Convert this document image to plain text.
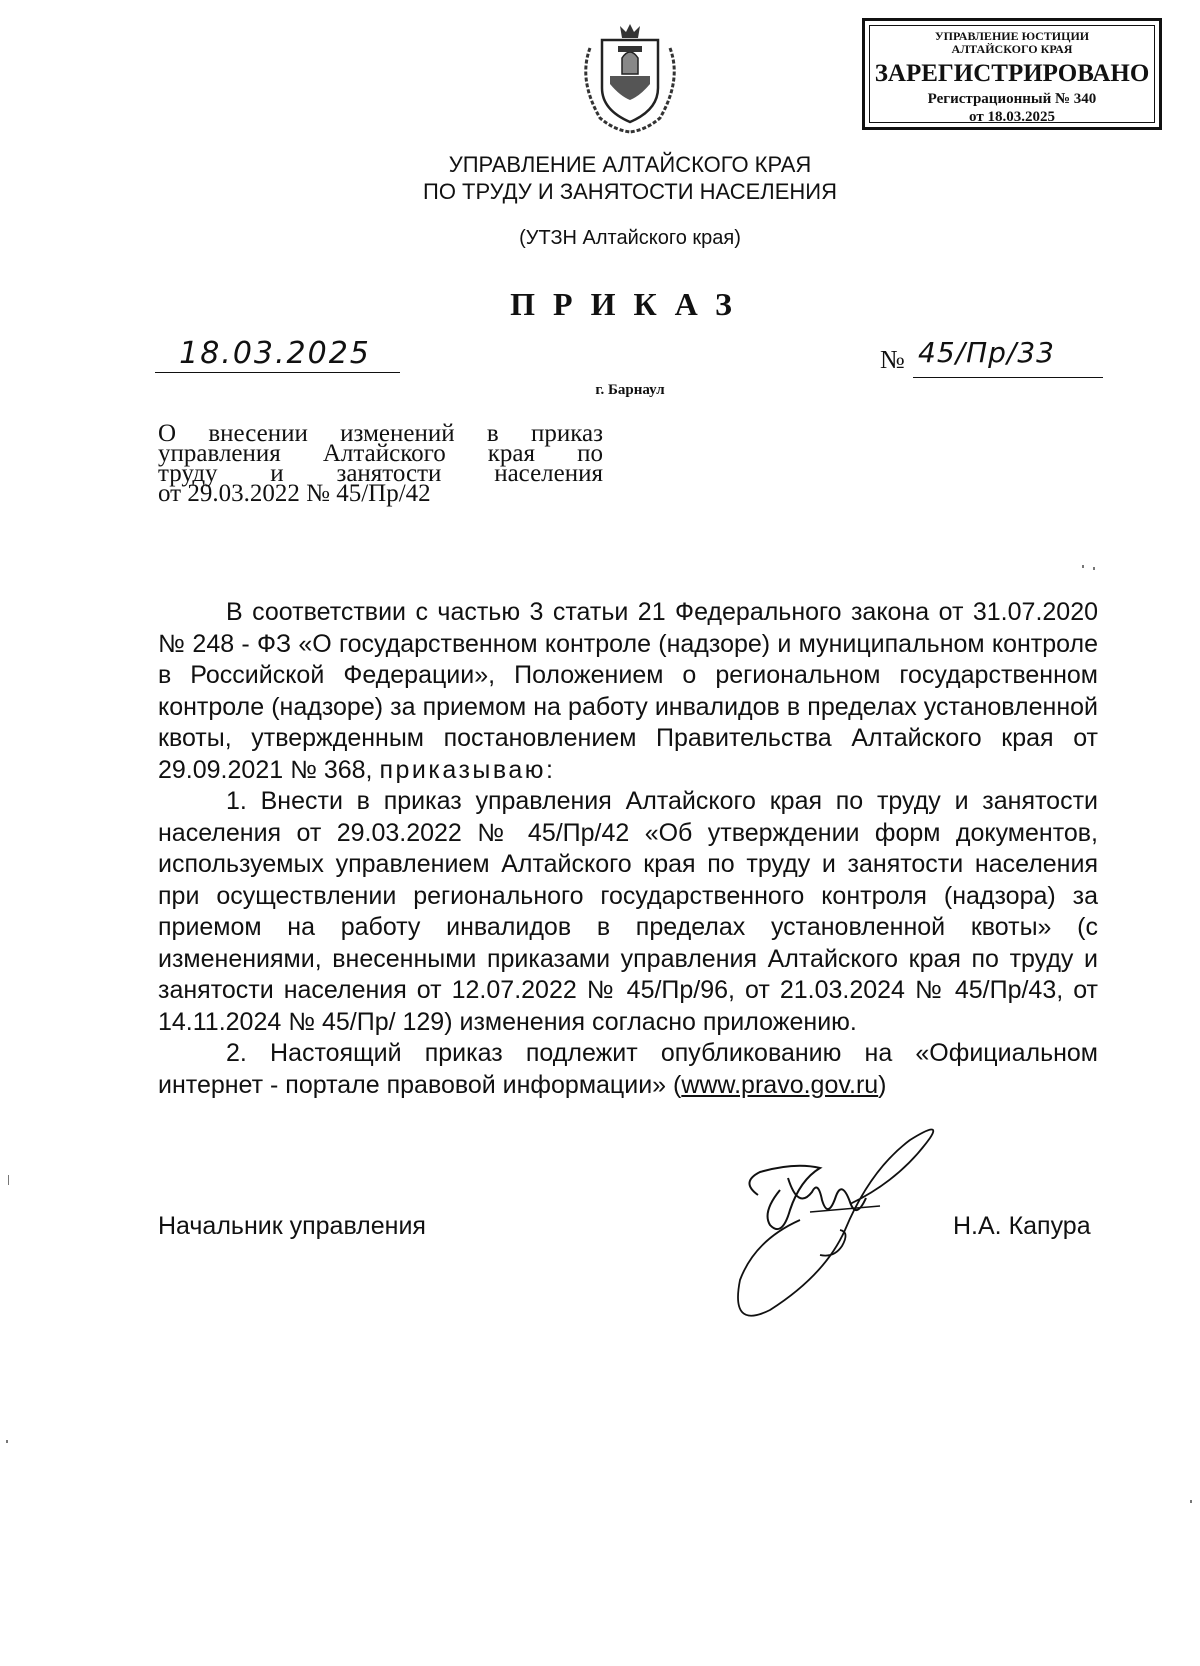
УПРАВЛЕНИЕ ЮСТИЦИИ
АЛТАЙСКОГО КРАЯ
ЗАРЕГИСТРИРОВАНО
Регистрационный № 340
от 18.03.2025
УПРАВЛЕНИЕ АЛТАЙСКОГО КРАЯ
ПО ТРУДУ И ЗАНЯТОСТИ НАСЕЛЕНИЯ
(УТЗН Алтайского края)
ПРИКАЗ
18.03.2025	№ 45/Пр/33
г. Барнаул
О внесении изменений в приказ
управления Алтайского края по
труду и занятости населения
от 29.03.2022 № 45/Пр/42

В соответствии с частью 3 статьи 21 Федерального закона от 31.07.2020 № 248 - ФЗ «О государственном контроле (надзоре) и муниципальном контроле в Российской Федерации», Положением о региональном государственном контроле (надзоре) за приемом на работу инвалидов в пределах установленной квоты, утвержденным постановлением Правительства Алтайского края от 29.09.2021 № 368, приказываю:

1. Внести в приказ управления Алтайского края по труду и занятости населения от 29.03.2022 № 45/Пр/42 «Об утверждении форм документов, используемых управлением Алтайского края по труду и занятости населения при осуществлении регионального государственного контроля (надзора) за приемом на работу инвалидов в пределах установленной квоты» (с изменениями, внесенными приказами управления Алтайского края по труду и занятости населения от 12.07.2022 № 45/Пр/96, от 21.03.2024 № 45/Пр/43, от 14.11.2024 № 45/Пр/ 129) изменения согласно приложению.

2. Настоящий приказ подлежит опубликованию на «Официальном интернет - портале правовой информации» (www.pravo.gov.ru)

Начальник управления	Н.А. Капура
